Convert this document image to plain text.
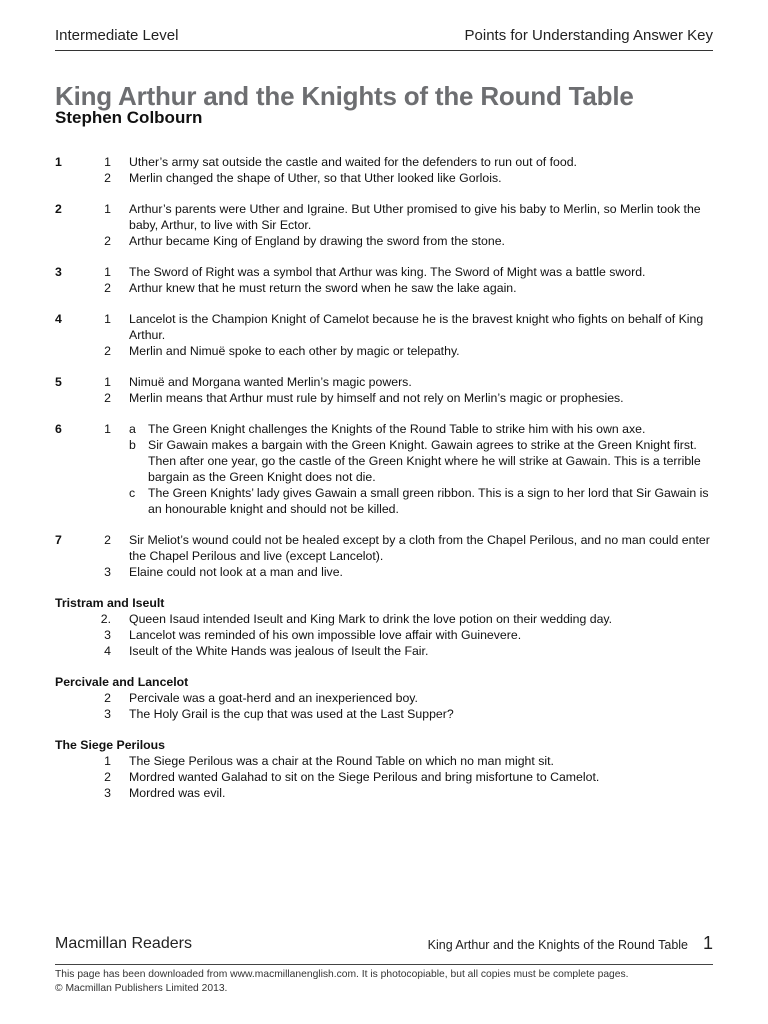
Intermediate Level	Points for Understanding Answer Key
King Arthur and the Knights of the Round Table
Stephen Colbourn
1	1	Uther’s army sat outside the castle and waited for the defenders to run out of food.
2	Merlin changed the shape of Uther, so that Uther looked like Gorlois.
2	1	Arthur’s parents were Uther and Igraine. But Uther promised to give his baby to Merlin, so Merlin took the baby, Arthur, to live with Sir Ector.
2	Arthur became King of England by drawing the sword from the stone.
3	1	The Sword of Right was a symbol that Arthur was king. The Sword of Might was a battle sword.
2	Arthur knew that he must return the sword when he saw the lake again.
4	1	Lancelot is the Champion Knight of Camelot because he is the bravest knight who fights on behalf of King Arthur.
2	Merlin and Nimuë spoke to each other by magic or telepathy.
5	1	Nimuë and Morgana wanted Merlin’s magic powers.
2	Merlin means that Arthur must rule by himself and not rely on Merlin’s magic or prophesies.
6	1	a The Green Knight challenges the Knights of the Round Table to strike him with his own axe.
b Sir Gawain makes a bargain with the Green Knight. Gawain agrees to strike at the Green Knight first. Then after one year, go the castle of the Green Knight where he will strike at Gawain. This is a terrible bargain as the Green Knight does not die.
c	The Green Knights’ lady gives Gawain a small green ribbon. This is a sign to her lord that Sir Gawain is an honourable knight and should not be killed.
7	2	Sir Meliot’s wound could not be healed except by a cloth from the Chapel Perilous, and no man could enter the Chapel Perilous and live (except Lancelot).
3	Elaine could not look at a man and live.
Tristram and Iseult
2.	Queen Isaud intended Iseult and King Mark to drink the love potion on their wedding day.
3	Lancelot was reminded of his own impossible love affair with Guinevere.
4	Iseult of the White Hands was jealous of Iseult the Fair.
Percivale and Lancelot
2	Percivale was a goat-herd and an inexperienced boy.
3	The Holy Grail is the cup that was used at the Last Supper?
The Siege Perilous
1	The Siege Perilous was a chair at the Round Table on which no man might sit.
2	Mordred wanted Galahad to sit on the Siege Perilous and bring misfortune to Camelot.
3	Mordred was evil.
Macmillan Readers	King Arthur and the Knights of the Round Table 1
This page has been downloaded from www.macmillanenglish.com. It is photocopiable, but all copies must be complete pages.
© Macmillan Publishers Limited 2013.
